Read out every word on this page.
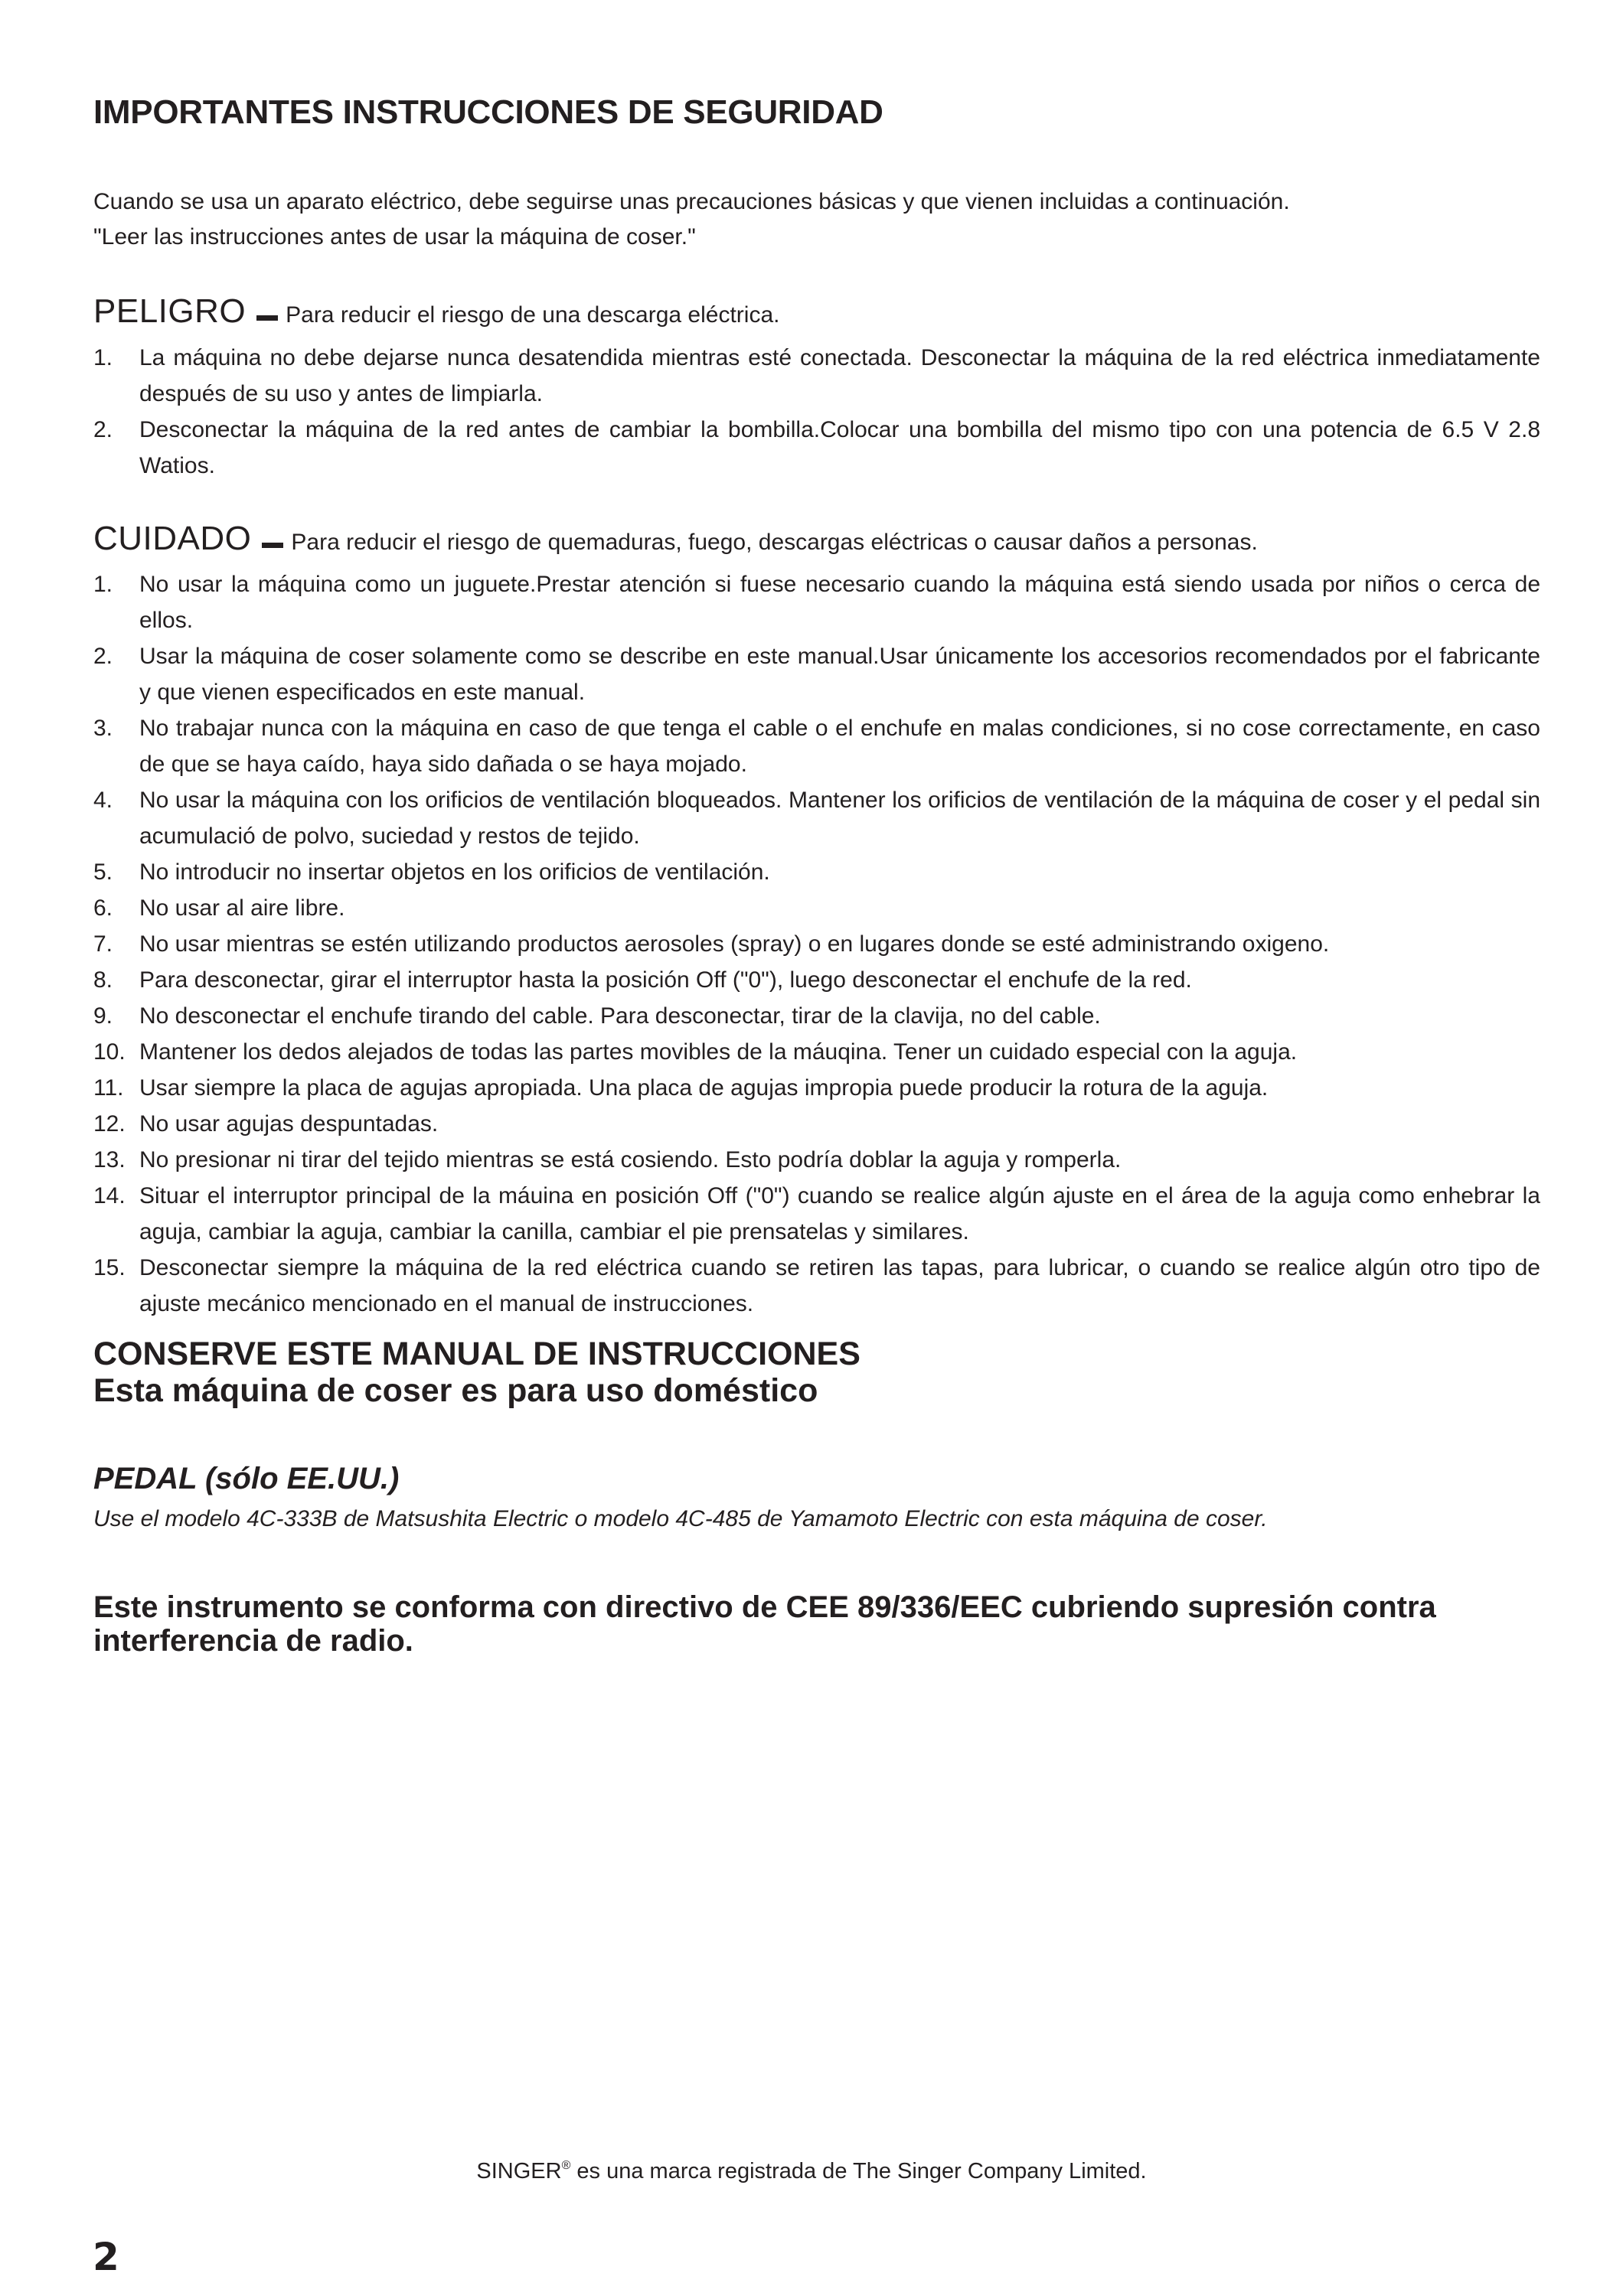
IMPORTANTES INSTRUCCIONES DE SEGURIDAD
Cuando se usa un aparato eléctrico, debe seguirse unas precauciones básicas y que vienen incluidas a continuación.
"Leer las instrucciones antes de usar la máquina de coser."
PELIGRO Para reducir el riesgo de una descarga eléctrica.
1.	La máquina no debe dejarse nunca desatendida mientras esté conectada. Desconectar la máquina de la red eléctrica inmediatamente después de su uso y antes de limpiarla.
2.	Desconectar la máquina de la red antes de cambiar la bombilla.Colocar una bombilla del mismo tipo con una potencia de 6.5 V 2.8 Watios.
CUIDADO Para reducir el riesgo de quemaduras, fuego, descargas eléctricas o causar daños a personas.
1.	No usar la máquina como un juguete.Prestar atención si fuese necesario cuando la máquina está siendo usada por niños o cerca de ellos.
2.	Usar la máquina de coser solamente como se describe en este manual.Usar únicamente los accesorios recomendados por el fabricante y que vienen especificados en este manual.
3.	No trabajar nunca con la máquina en caso de que tenga el cable o el enchufe en malas condiciones, si no cose correctamente, en caso de que se haya caído, haya sido dañada o se haya mojado.
4.	No usar la máquina con los orificios de ventilación bloqueados. Mantener los orificios de ventilación de la máquina de coser y el pedal sin acumulació de polvo, suciedad y restos de tejido.
5.	No introducir no insertar objetos en los orificios de ventilación.
6.	No usar al aire libre.
7.	No usar mientras se estén utilizando productos aerosoles (spray) o en lugares donde se esté administrando oxigeno.
8.	Para desconectar, girar el interruptor hasta la posición Off ("0"), luego desconectar el enchufe de la red.
9.	No desconectar el enchufe tirando del cable. Para desconectar, tirar de la clavija, no del cable.
10. Mantener los dedos alejados de todas las partes movibles de la máuqina. Tener un cuidado especial con la aguja.
11. Usar siempre la placa de agujas apropiada. Una placa de agujas impropia puede producir la rotura de la aguja.
12. No usar agujas despuntadas.
13. No presionar ni tirar del tejido mientras se está cosiendo. Esto podría doblar la aguja y romperla.
14. Situar el interruptor principal de la máuina en posición Off ("0") cuando se realice algún ajuste en el área de la aguja como enhebrar la aguja, cambiar la aguja, cambiar la canilla, cambiar el pie prensatelas y similares.
15. Desconectar siempre la máquina de la red eléctrica cuando se retiren las tapas, para lubricar, o cuando se realice algún otro tipo de ajuste mecánico mencionado en el manual de instrucciones.
CONSERVE ESTE MANUAL DE INSTRUCCIONES
Esta máquina de coser es para uso doméstico
PEDAL (sólo EE.UU.)
Use el modelo 4C-333B de Matsushita Electric o modelo 4C-485 de Yamamoto Electric con esta máquina de coser.
Este instrumento se conforma con directivo de CEE 89/336/EEC cubriendo supresión contra interferencia de radio.
SINGER® es una marca registrada de The Singer Company Limited.
2
